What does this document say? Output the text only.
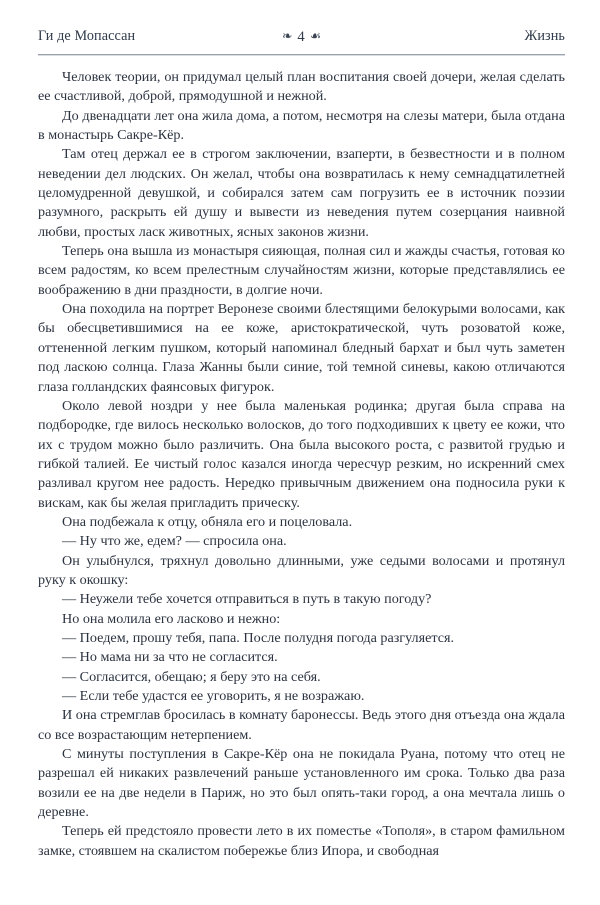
Ги де Мопассан	❧ 4 ☙	Жизнь

Человек теории, он придумал целый план воспитания своей дочери, желая сделать ее счастливой, доброй, прямодушной и нежной.

До двенадцати лет она жила дома, а потом, несмотря на слезы матери, была отдана в монастырь Сакре-Кёр.

Там отец держал ее в строгом заключении, взаперти, в безвестности и в полном неведении дел людских. Он желал, чтобы она возвратилась к нему семнадцатилетней целомудренной девушкой, и собирался затем сам погрузить ее в источник поэзии разумного, раскрыть ей душу и вывести из неведения путем созерцания наивной любви, простых ласк животных, ясных законов жизни.

Теперь она вышла из монастыря сияющая, полная сил и жажды счастья, готовая ко всем радостям, ко всем прелестным случайностям жизни, которые представлялись ее воображению в дни праздности, в долгие ночи.

Она походила на портрет Веронезе своими блестящими белокурыми волосами, как бы обесцветившимися на ее коже, аристократической, чуть розоватой коже, оттененной легким пушком, который напоминал бледный бархат и был чуть заметен под ласкою солнца. Глаза Жанны были синие, той темной синевы, какою отличаются глаза голландских фаянсовых фигурок.

Около левой ноздри у нее была маленькая родинка; другая была справа на подбородке, где вилось несколько волосков, до того подходивших к цвету ее кожи, что их с трудом можно было различить. Она была высокого роста, с развитой грудью и гибкой талией. Ее чистый голос казался иногда чересчур резким, но искренний смех разливал кругом нее радость. Нередко привычным движением она подносила руки к вискам, как бы желая пригладить прическу.

Она подбежала к отцу, обняла его и поцеловала.

— Ну что же, едем? — спросила она.

Он улыбнулся, тряхнул довольно длинными, уже седыми волосами и протянул руку к окошку:

— Неужели тебе хочется отправиться в путь в такую погоду?

Но она молила его ласково и нежно:

— Поедем, прошу тебя, папа. После полудня погода разгуляется.

— Но мама ни за что не согласится.

— Согласится, обещаю; я беру это на себя.

— Если тебе удастся ее уговорить, я не возражаю.

И она стремглав бросилась в комнату баронессы. Ведь этого дня отъезда она ждала со все возрастающим нетерпением.

С минуты поступления в Сакре-Кёр она не покидала Руана, потому что отец не разрешал ей никаких развлечений раньше установленного им срока. Только два раза возили ее на две недели в Париж, но это был опять-таки город, а она мечтала лишь о деревне.

Теперь ей предстояло провести лето в их поместье «Тополя», в старом фамильном замке, стоявшем на скалистом побережье близ Ипора, и свободная
